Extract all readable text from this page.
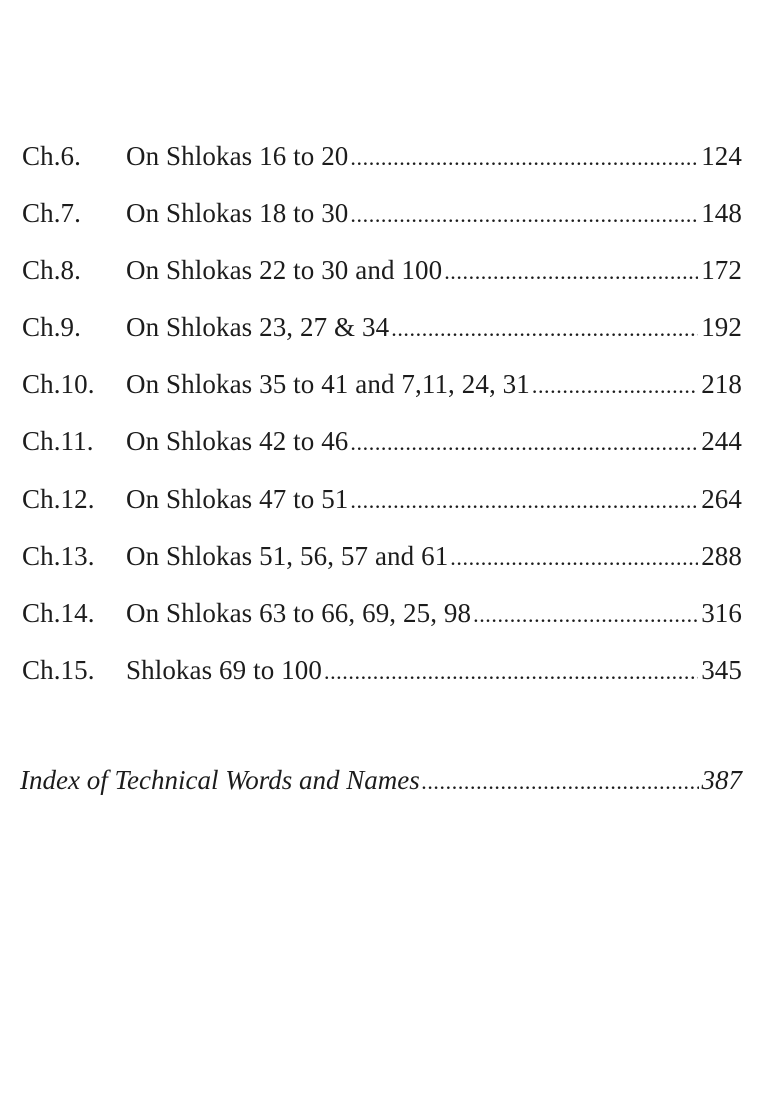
Ch.6.	On Shlokas 16 to 20 .....	124
Ch.7.	On Shlokas 18 to 30 .....	148
Ch.8.	On Shlokas 22 to 30 and 100 .....	172
Ch.9.	On Shlokas 23, 27 & 34 .....	192
Ch.10.	On Shlokas 35 to 41 and 7,11, 24, 31 .....	218
Ch.11.	On Shlokas 42 to 46 .....	244
Ch.12.	On Shlokas 47 to 51 .....	264
Ch.13.	On Shlokas 51, 56, 57 and 61 .....	288
Ch.14.	On Shlokas 63 to 66, 69, 25, 98 .....	316
Ch.15.	Shlokas 69 to 100 .....	345
Index of Technical Words and Names .....	387
